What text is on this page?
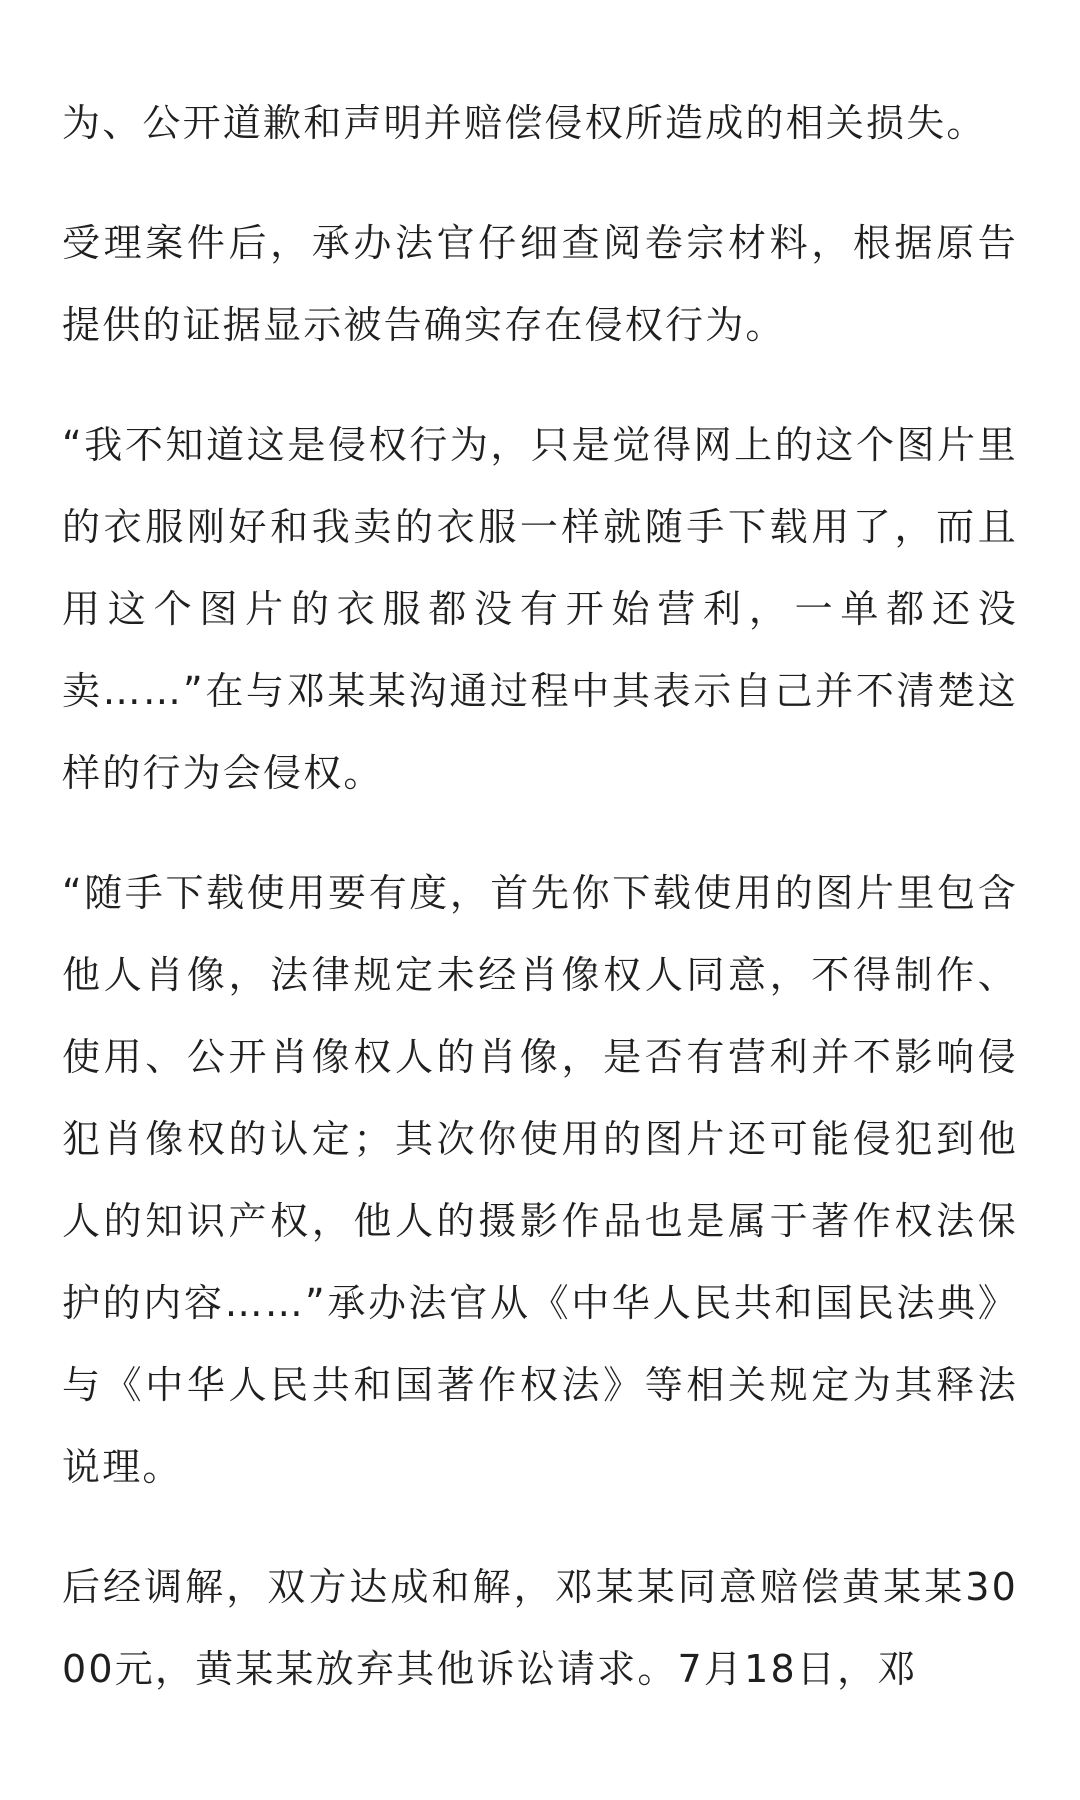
为、公开道歉和声明并赔偿侵权所造成的相关损失。

受理案件后，承办法官仔细查阅卷宗材料，根据原告提供的证据显示被告确实存在侵权行为。

“我不知道这是侵权行为，只是觉得网上的这个图片里的衣服刚好和我卖的衣服一样就随手下载用了，而且用这个图片的衣服都没有开始营利，一单都还没卖……”在与邓某某沟通过程中其表示自己并不清楚这样的行为会侵权。

“随手下载使用要有度，首先你下载使用的图片里包含他人肖像，法律规定未经肖像权人同意，不得制作、使用、公开肖像权人的肖像，是否有营利并不影响侵犯肖像权的认定；其次你使用的图片还可能侵犯到他人的知识产权，他人的摄影作品也是属于著作权法保护的内容……”承办法官从《中华人民共和国民法典》与《中华人民共和国著作权法》等相关规定为其释法说理。

后经调解，双方达成和解，邓某某同意赔偿黄某某3000元，黄某某放弃其他诉讼请求。7月18日，邓
